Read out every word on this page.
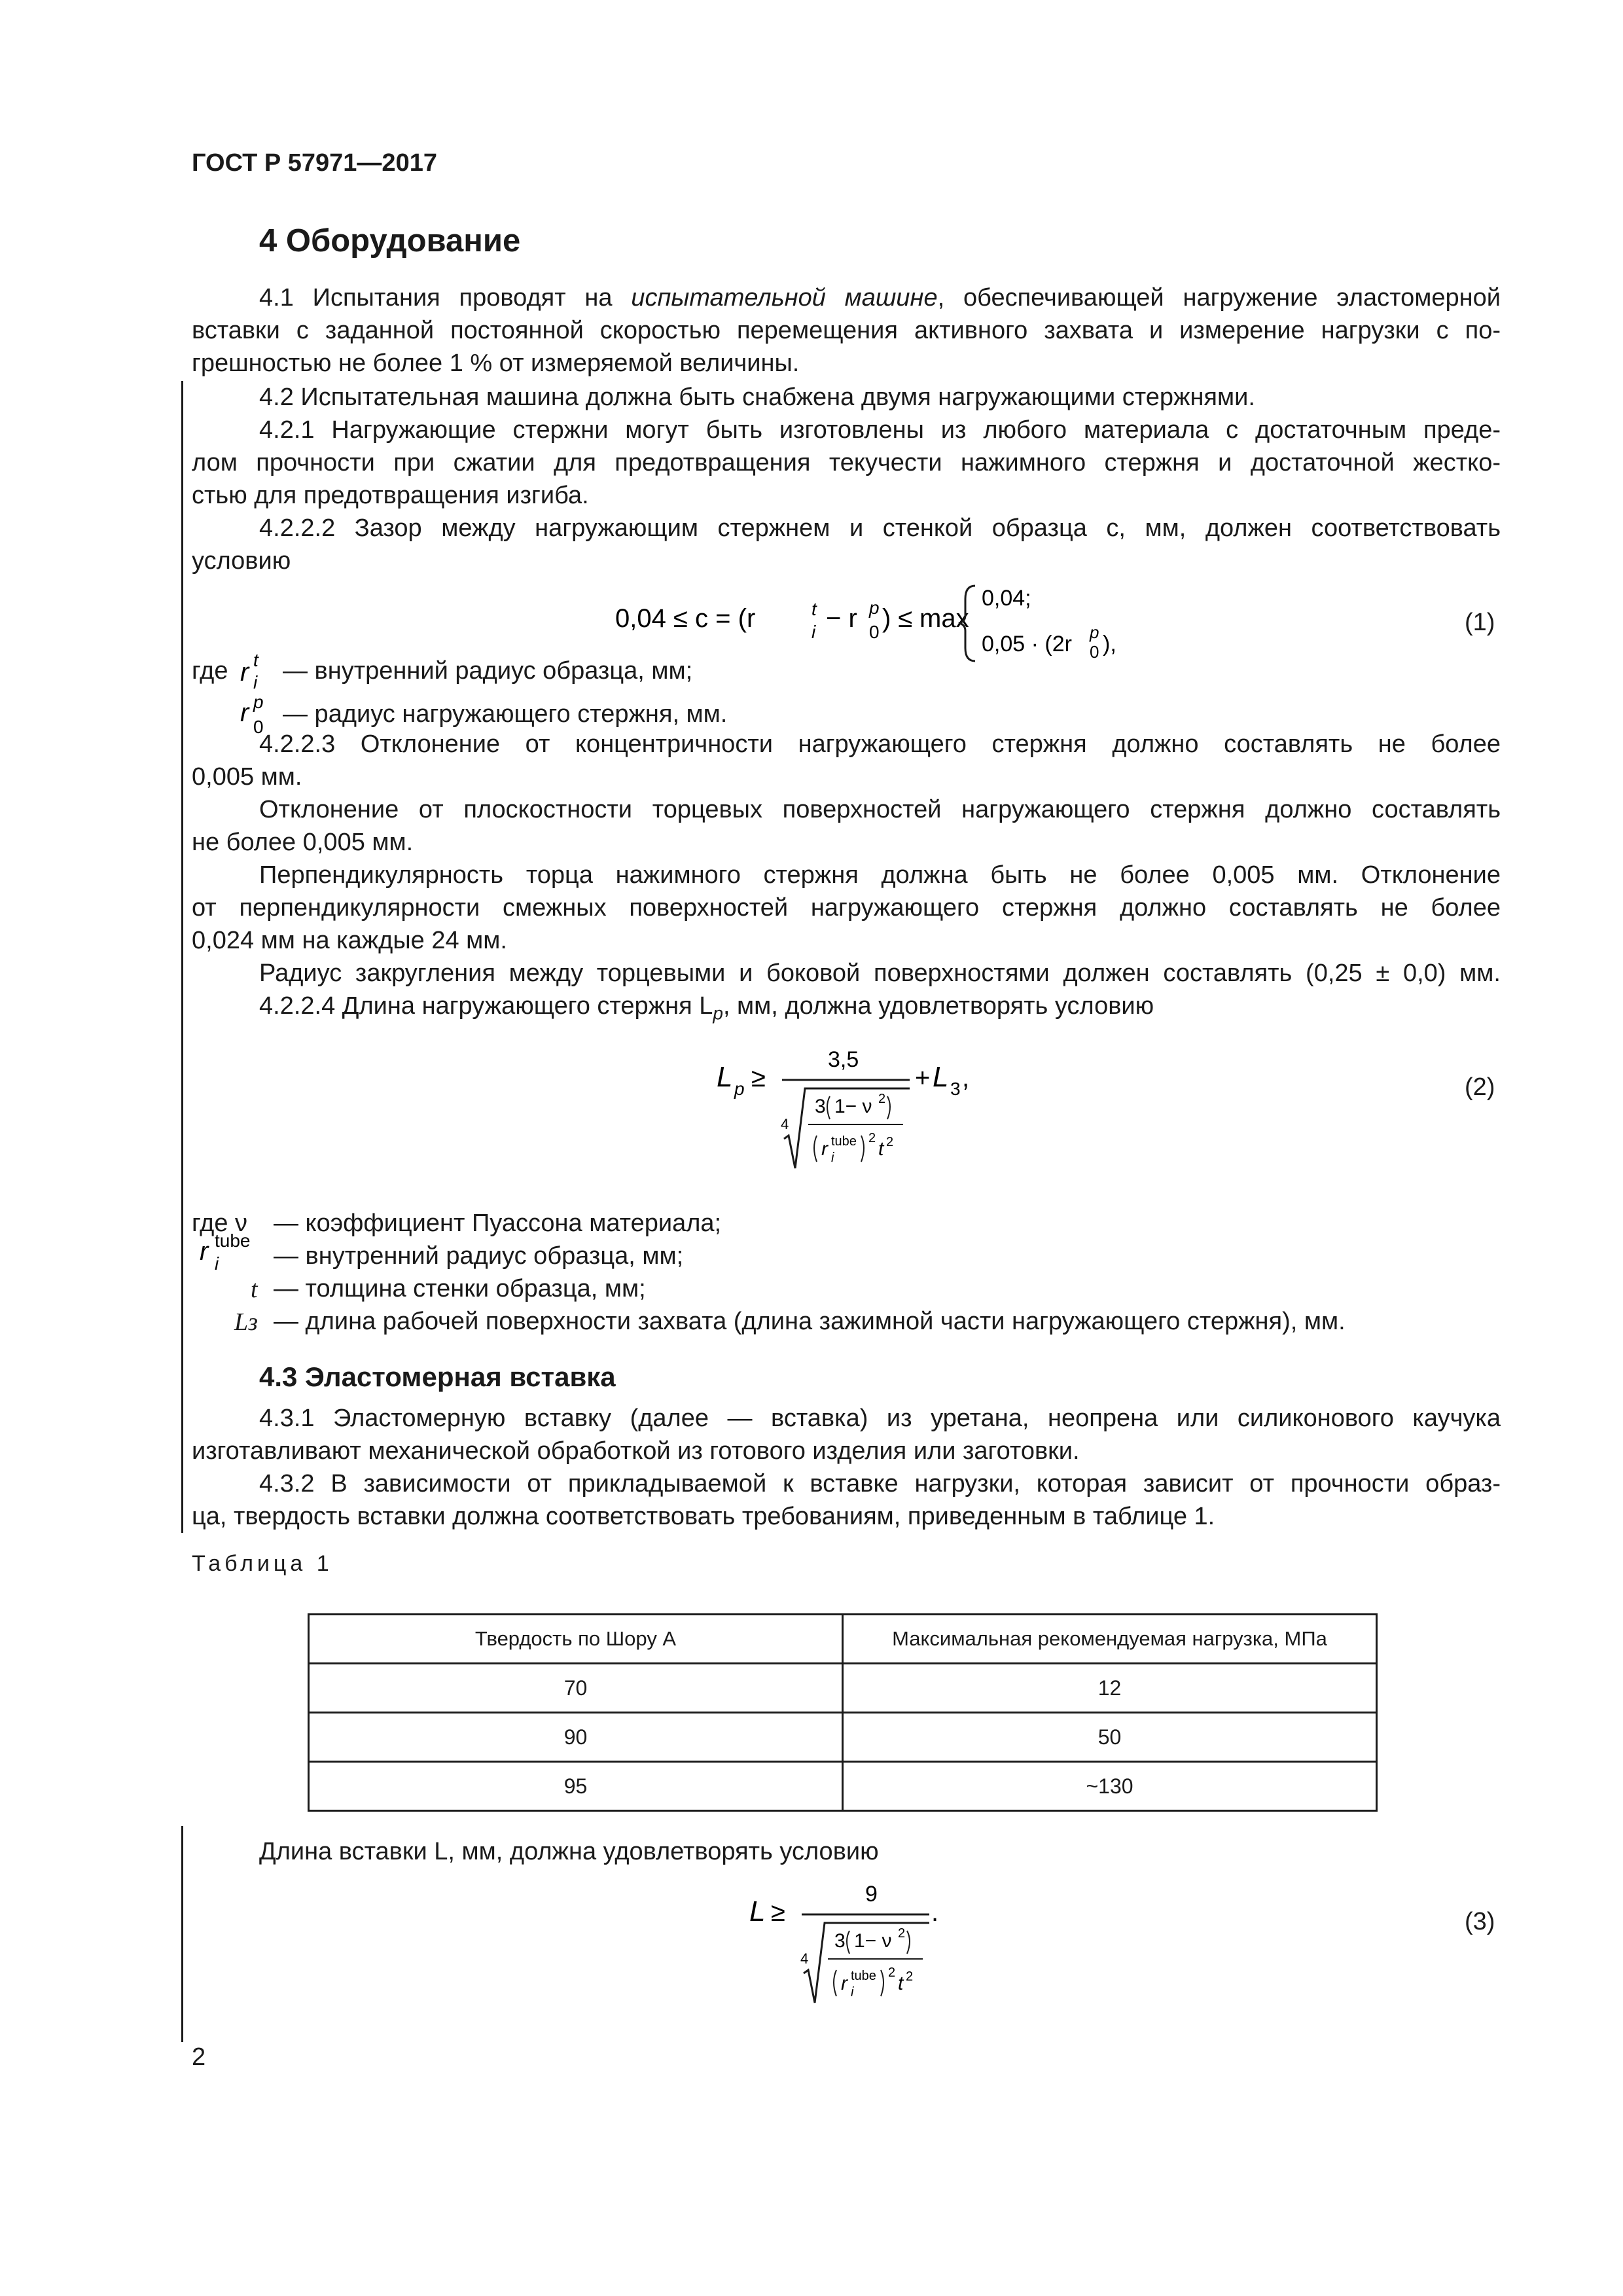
ГОСТ Р 57971—2017
4 Оборудование
4.1 Испытания проводят на испытательной машине, обеспечивающей нагружение эластомерной
вставки с заданной постоянной скоростью перемещения активного захвата и измерение нагрузки с по-
грешностью не более 1 % от измеряемой величины.
4.2 Испытательная машина должна быть снабжена двумя нагружающими стержнями.
4.2.1 Нагружающие стержни могут быть изготовлены из любого материала с достаточным преде-
лом прочности при сжатии для предотвращения текучести нажимного стержня и достаточной жестко-
стью для предотвращения изгиба.
4.2.2.2 Зазор между нагружающим стержнем и стенкой образца c, мм, должен соответствовать
условию
0,04 ≤ c = (r	t
i − r p
0 ) ≤ max
0,04;
0,05 · (2r p
0 ),
(1)
где r t
i — внутренний радиус образца, мм;
r p
0 — радиус нагружающего стержня, мм.
4.2.2.3 Отклонение от концентричности нагружающего стержня должно составлять не более
0,005 мм.
Отклонение от плоскостности торцевых поверхностей нагружающего стержня должно составлять
не более 0,005 мм.
Перпендикулярность торца нажимного стержня должна быть не более 0,005 мм. Отклонение
от перпендикулярности смежных поверхностей нагружающего стержня должно составлять не более
0,024 мм на каждые 24 мм.
Радиус закругления между торцевыми и боковой поверхностями должен составлять (0,25 ± 0,0) мм.
4.2.2.4 Длина нагружающего стержня $L_p$, мм, должна удовлетворять условию
L p ≥
3,5
4
3 1− ν 2
r tube
i
2 t 2
+ L 3 ,	(2)
где ν — коэффициент Пуассона материала;
r tube
i — внутренний радиус образца, мм;
t — толщина стенки образца, мм;
Lз — длина рабочей поверхности захвата (длина зажимной части нагружающего стержня), мм.
4.3 Эластомерная вставка
4.3.1 Эластомерную вставку (далее — вставка) из уретана, неопрена или силиконового каучука
изготавливают механической обработкой из готового изделия или заготовки.
4.3.2 В зависимости от прикладываемой к вставке нагрузки, которая зависит от прочности образ-
ца, твердость вставки должна соответствовать требованиям, приведенным в таблице 1.
Таблица 1
Твердость по Шору A	Максимальная рекомендуемая нагрузка, МПа
70	12
90	50
95	~130
Длина вставки L, мм, должна удовлетворять условию
L ≥
9
4
3 1− ν 2
r tube
i
2 t 2
.	(3)
2
